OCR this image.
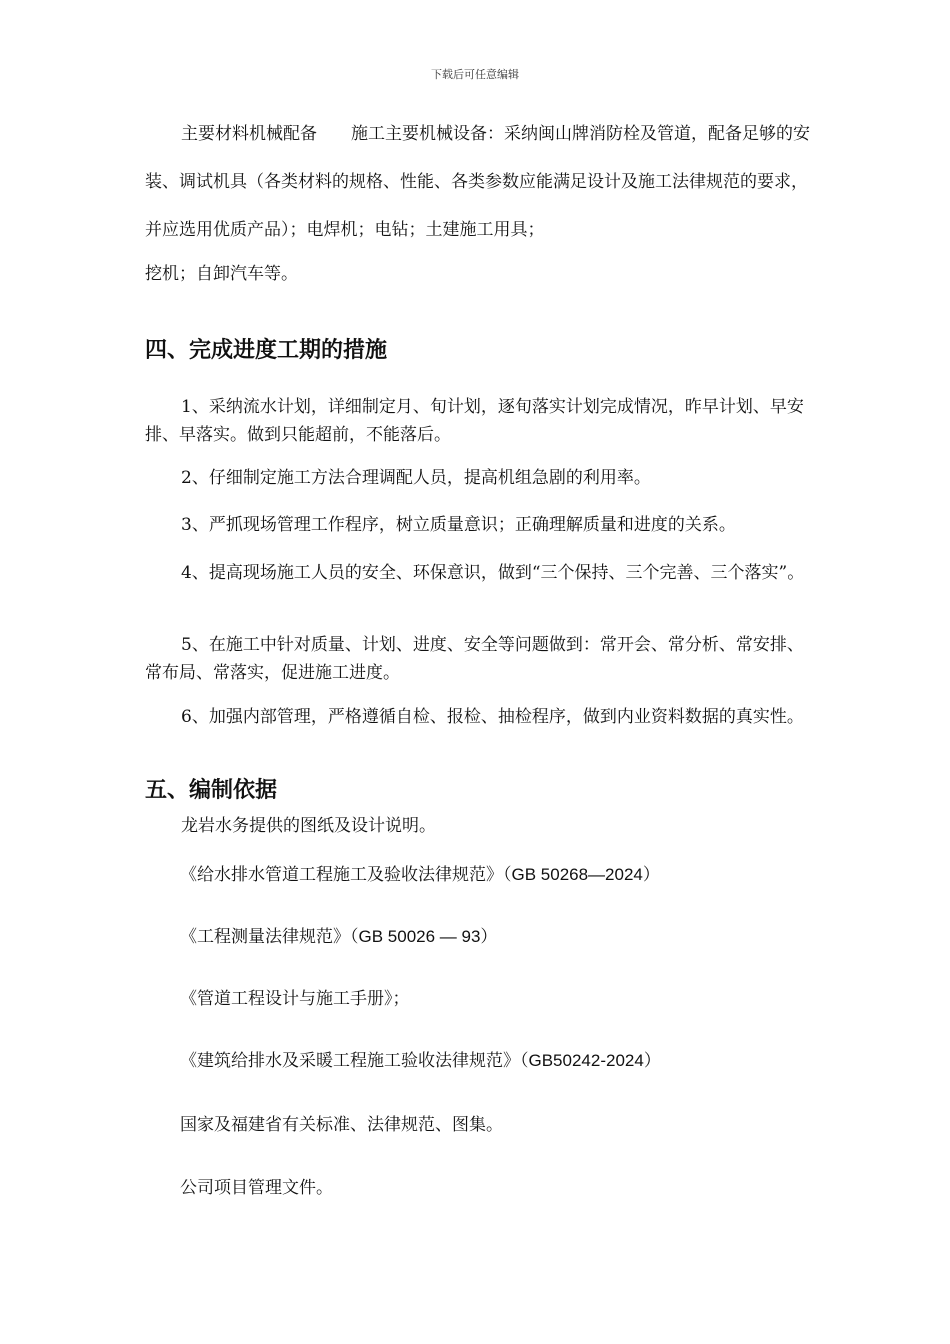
下载后可任意编辑

主要材料机械配备 施工主要机械设备：采纳闽山牌消防栓及管道，配备足够的安装、调试机具（各类材料的规格、性能、各类参数应能满足设计及施工法律规范的要求，并应选用优质产品）；电焊机；电钻；土建施工用具；

挖机；自卸汽车等。

四、完成进度工期的措施

1、采纳流水计划，详细制定月、旬计划，逐旬落实计划完成情况，昨早计划、早安排、早落实。做到只能超前，不能落后。

2、仔细制定施工方法合理调配人员，提高机组急剧的利用率。

3、严抓现场管理工作程序，树立质量意识；正确理解质量和进度的关系。

4、提高现场施工人员的安全、环保意识，做到“三个保持、三个完善、三个落实”。

5、在施工中针对质量、计划、进度、安全等问题做到：常开会、常分析、常安排、常布局、常落实，促进施工进度。

6、加强内部管理，严格遵循自检、报检、抽检程序，做到内业资料数据的真实性。

五、编制依据

龙岩水务提供的图纸及设计说明。

《给水排水管道工程施工及验收法律规范》（GB 50268—2024）

《工程测量法律规范》（GB 50026 — 93）

《管道工程设计与施工手册》；

《建筑给排水及采暖工程施工验收法律规范》（GB50242-2024）

国家及福建省有关标准、法律规范、图集。

公司项目管理文件。
